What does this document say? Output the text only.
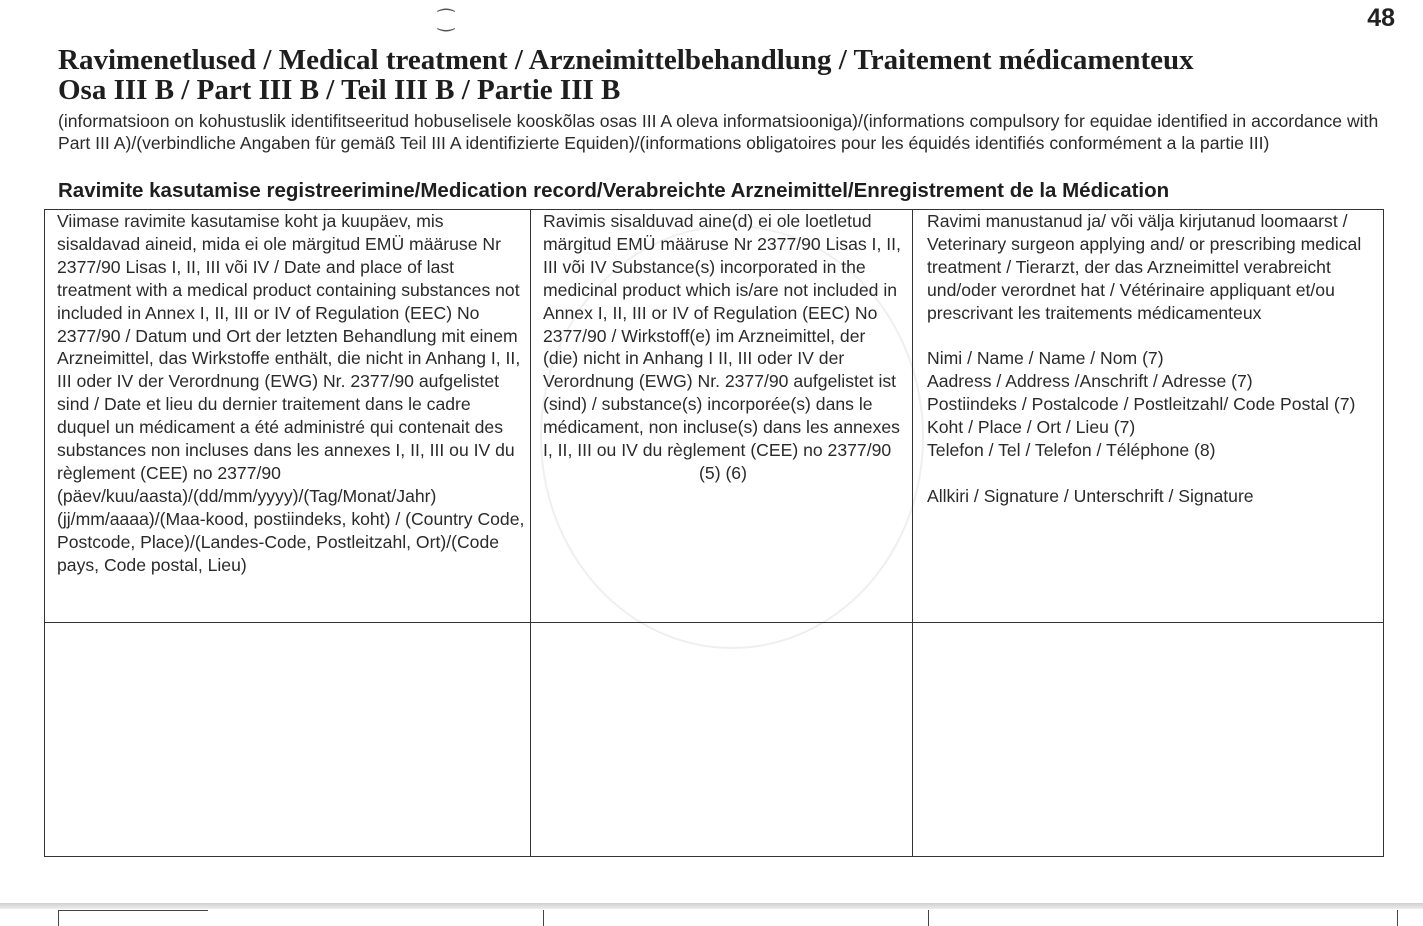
48
Ravimenetlused / Medical treatment / Arzneimittelbehandlung / Traitement médicamenteux
Osa III B / Part III B / Teil III B / Partie III B
(informatsioon on kohustuslik identifitseeritud hobuselisele kooskõlas osas III A oleva informatsiooniga)/(informations compulsory for equidae identified in accordance with Part III A)/(verbindliche Angaben für gemäß Teil III A identifizierte Equiden)/(informations obligatoires pour les équidés identifiés conformément a la partie III)
Ravimite kasutamise registreerimine/Medication record/Verabreichte Arzneimittel/Enregistrement de la Médication

Viimase ravimite kasutamise koht ja kuupäev, mis sisaldavad aineid, mida ei ole märgitud EMÜ määruse Nr 2377/90 Lisas I, II, III või IV / Date and place of last treatment with a medical product containing substances not included in Annex I, II, III or IV of Regulation (EEC) No 2377/90 / Datum und Ort der letzten Behandlung mit einem Arzneimittel, das Wirkstoffe enthält, die nicht in Anhang I, II, III oder IV der Verordnung (EWG) Nr. 2377/90 aufgelistet sind / Date et lieu du dernier traitement dans le cadre duquel un médicament a été administré qui contenait des substances non incluses dans les annexes I, II, III ou IV du règlement (CEE) no 2377/90 (päev/kuu/aasta)/(dd/mm/yyyy)/(Tag/Monat/Jahr) (jj/mm/aaaa)/(Maa-kood, postiindeks, koht) / (Country Code, Postcode, Place)/(Landes-Code, Postleitzahl, Ort)/(Code pays, Code postal, Lieu)

Ravimis sisalduvad aine(d) ei ole loetletud märgitud EMÜ määruse Nr 2377/90 Lisas I, II, III või IV Substance(s) incorporated in the medicinal product which is/are not included in Annex I, II, III or IV of Regulation (EEC) No 2377/90 / Wirkstoff(e) im Arzneimittel, der (die) nicht in Anhang I II, III oder IV der Verordnung (EWG) Nr. 2377/90 aufgelistet ist (sind) / substance(s) incorporée(s) dans le médicament, non incluse(s) dans les annexes I, II, III ou IV du règlement (CEE) no 2377/90

(5) (6)

Ravimi manustanud ja/ või välja kirjutanud loomaarst / Veterinary surgeon applying and/ or prescribing medical treatment / Tierarzt, der das Arzneimittel verabreicht und/oder verordnet hat / Vétérinaire appliquant et/ou prescrivant les traitements médicamenteux

Nimi / Name / Name / Nom (7)

Aadress / Address /Anschrift / Adresse (7)

Postiindeks / Postalcode / Postleitzahl/ Code Postal (7)

Koht / Place / Ort / Lieu (7)

Telefon / Tel / Telefon / Téléphone (8)

Allkiri / Signature / Unterschrift / Signature

⁐
